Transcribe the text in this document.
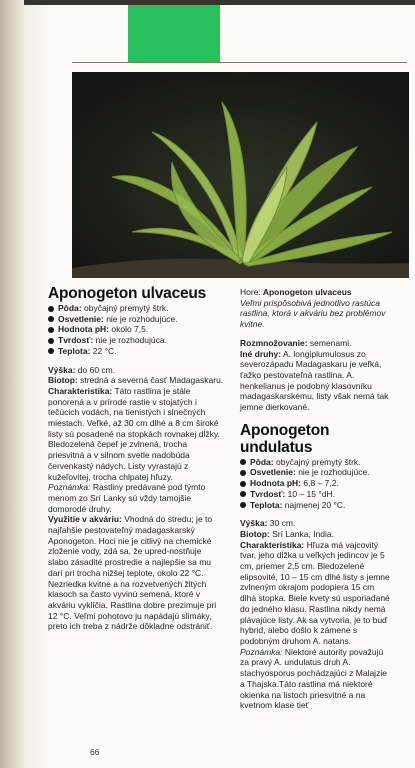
66
Aponogeton ulvaceus
Pôda: obyčajný premytý štrk.
Osvetlenie: nie je rozhodujúce.
Hodnota pH: okolo 7,5.
Tvrdosť: nie je rozhodujúca.
Teplota: 22 °C.

Výška: do 60 cm.

Biotop: stredná a severná časť Madagaskaru.

Charakteristika: Táto rastlina je stále ponorená a v prírode rastie v stojatých i tečúcich vodách, na tienistých i slnečných miestach. Veľké, až 30 cm dlhé a 8 cm široké listy sú posadené na stopkách rovnakej dĺžky. Bledozelená čepeľ je zvlnená, trocha priesvitná a v silnom svetle nadobúda červenkastý nádych. Listy vyrastajú z kužeľovitej, trocha chlpatej hľuzy.

Poznámka: Rastliny predávané pod týmto menom zo Srí Lanky sú vždy tamojšie domorodé druhy.

Využitie v akváriu: Vhodná do stredu; je to najľahšie pestovateľný madagaskarský Aponogeton. Hoci nie je citlivý na chemické zloženie vody, zdá sa, že upred-nostňuje slabo zásadité prostredie a najlepšie sa mu darí pri trocha nižšej teplote, okolo 22 °C. Nezriedka kvitne a na rozvetvených žltých klasoch sa často vyvinú semená, ktoré v akváriu vyklíčia. Rastlina dobre prezimuje pri 12 °C. Veľmi pohotovo ju napádajú slimáky, preto ich treba z nádrže dôkladne odstrániť.

Hore: Aponogeton ulvaceus

Veľmi prispôsobivá jednotlivo rastúca rastlina, ktorá v akváriu bez problémov kvitne.

Rozmnožovanie: semenami.

Iné druhy: A. longiplumulosus zo severozápadu Madagaskaru je veľká, ťažko pestovateľná rastlina. A. henkelianus je podobný klasovníku madagaskarskému, listy však nemá tak jemne dierkované.

Aponogeton undulatus
Pôda: obyčajný premytý štrk.
Osvetlenie: nie je rozhodujúce.
Hodnota pH: 6,8 – 7,2.
Tvrdosť: 10 – 15 °dH.
Teplota: najmenej 20 °C.

Výška: 30 cm.

Biotop: Srí Lanka, India.

Charakteristika: Hľuza má vajcovitý tvar, jeho dĺžka u veľkých jedincov je 5 cm, priemer 2,5 cm. Bledozelené elipsovité, 10 – 15 cm dlhé listy s jemne zvlneným okrajom podopiera 15 cm dlhá stopka. Biele kvety sú usporiadané do jedného klasu. Rastlina nikdy nemá plávajúce listy. Ak sa vytvoria, je to buď hybrid, alebo došlo k zámene s podobným druhom A. natans.

Poznámka: Niektoré autority považujú za pravý A. undulatus druh A. stachyosporus pochádzajúci z Malajzie a Thajska.Táto rastlina má niektoré okienka na listoch priesvitné a na kvetnom klase tieť
